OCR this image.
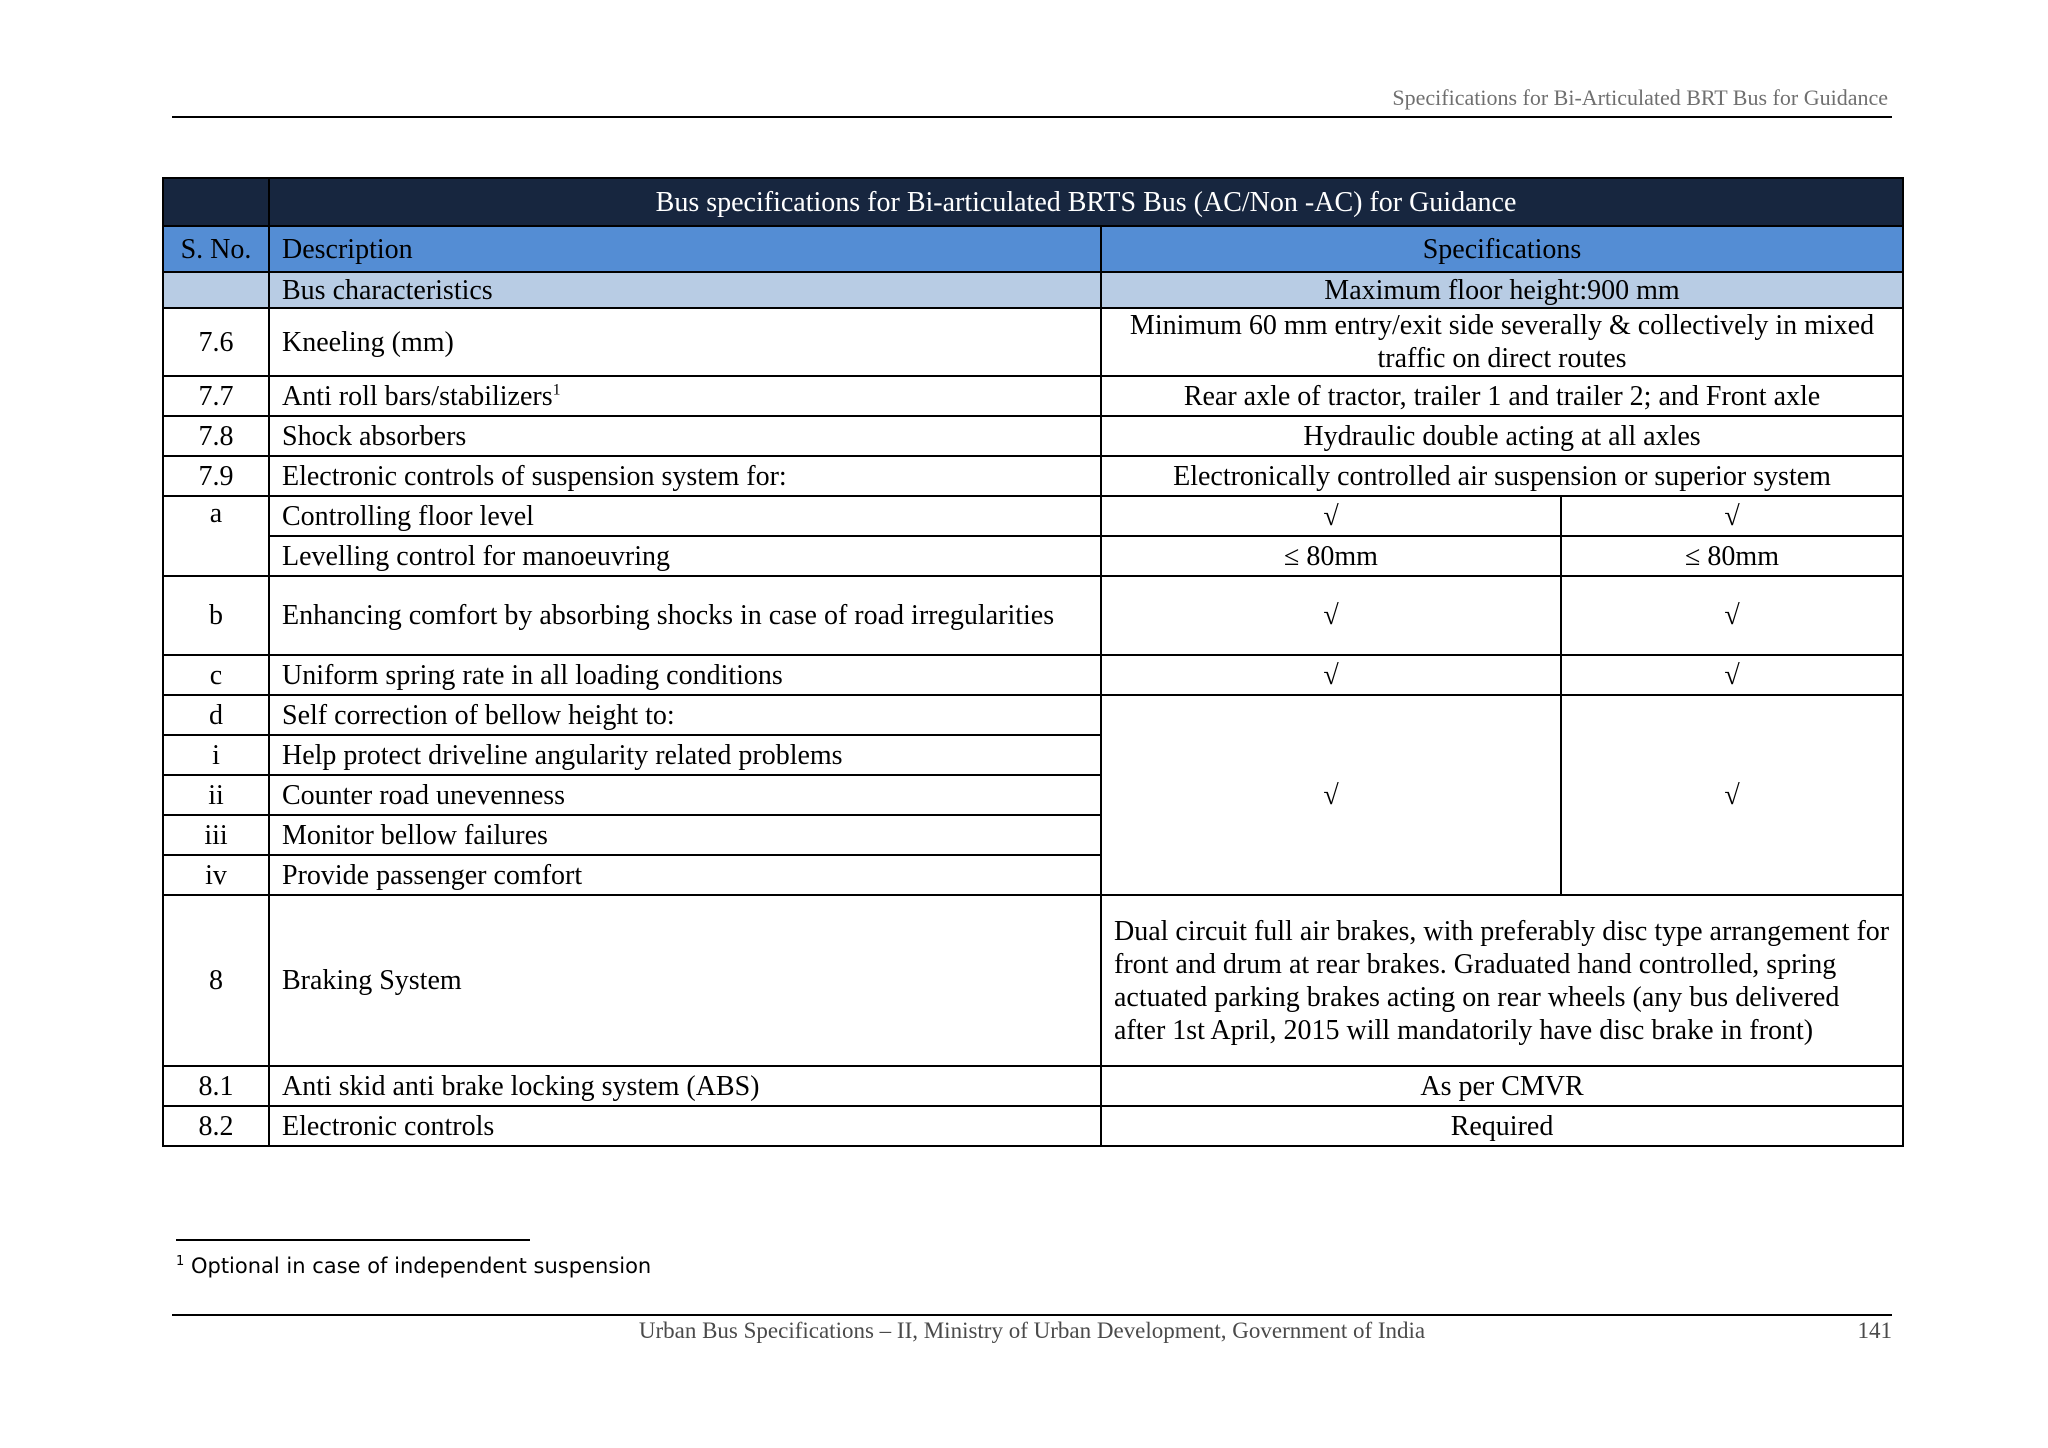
Specifications for Bi-Articulated BRT Bus for Guidance
	Bus specifications for Bi-articulated BRTS Bus (AC/Non -AC) for Guidance		
S. No.	Description	Specifications	
	Bus characteristics	Maximum floor height:900 mm	
7.6	Kneeling (mm)	Minimum 60 mm entry/exit side severally & collectively in mixed traffic on direct routes	
7.7	Anti roll bars/stabilizers$^1$	Rear axle of tractor, trailer 1 and trailer 2; and Front axle	
7.8	Shock absorbers	Hydraulic double acting at all axles	
7.9	Electronic controls of suspension system for:	Electronically controlled air suspension or superior system	
a	Controlling floor level	√	√
	Levelling control for manoeuvring	≤ 80mm	≤ 80mm
b	Enhancing comfort by absorbing shocks in case of road irregularities	√	√
c	Uniform spring rate in all loading conditions	√	√
d	Self correction of bellow height to:	√	√
i	Help protect driveline angularity related problems		
ii	Counter road unevenness		
iii	Monitor bellow failures		
iv	Provide passenger comfort		
8	Braking System	Dual circuit full air brakes, with preferably disc type arrangement for front and drum at rear brakes. Graduated hand controlled, spring actuated parking brakes acting on rear wheels (any bus delivered after 1st April, 2015 will mandatorily have disc brake in front)	
8.1	Anti skid anti brake locking system (ABS)	As per CMVR	
8.2	Electronic controls	Required	
$^1$ Optional in case of independent suspension
Urban Bus Specifications – II, Ministry of Urban Development, Government of India	141
